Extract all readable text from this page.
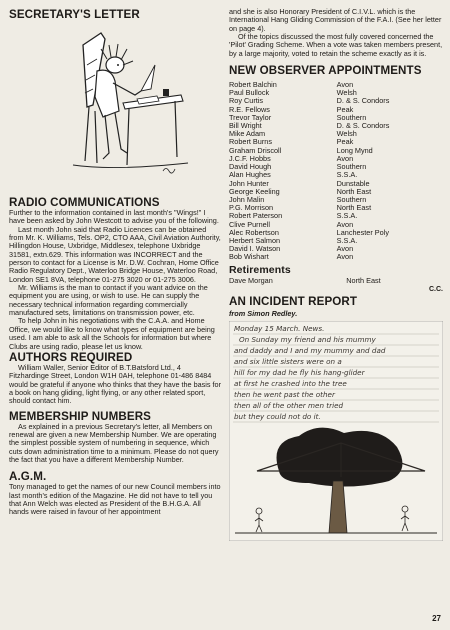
SECRETARY'S LETTER
RADIO COMMUNICATIONS

Further to the information contained in last month's "Wings!" I have been asked by John Westcott to advise you of the following.

Last month John said that Radio Licences can be obtained from Mr. K. Williams, Tels. OP2, CTO AAA, Civil Aviation Authority, Hillingdon House, Uxbridge, Middlesex, telephone Uxbridge 31581, extn.629. This information was INCORRECT and the person to contact for a License is Mr. D.W. Cochran, Home Office Radio Regulatory Dept., Waterloo Bridge House, Waterloo Road, London SE1 8VA, telephone 01-275 3020 or 01-275 3006.

Mr. Williams is the man to contact if you want advice on the equipment you are using, or wish to use. He can supply the necessary technical information regarding commercially manufactured sets, limitations on transmission power, etc.

To help John in his negotiations with the C.A.A. and Home Office, we would like to know what types of equipment are being used. I am able to ask all the Schools for information but where Clubs are using radio, please let us know.

AUTHORS REQUIRED

William Waller, Senior Editor of B.T.Batsford Ltd., 4 Fitzhardinge Street, London W1H 0AH, telephone 01-486 8484 would be grateful if anyone who thinks that they have the basis for a book on hang gliding, light flying, or any other related sport, should contact him.

MEMBERSHIP NUMBERS

As explained in a previous Secretary's letter, all Members on renewal are given a new Membership Number. We are operating the simplest possible system of numbering in sequence, which cuts down administration time to a minimum. Please do not query the fact that you have a different Membership Number.

A.G.M.

Tony managed to get the names of our new Council members into last month's edition of the Magazine. He did not have to tell you that Ann Welch was elected as President of the B.H.G.A. All hands were raised in favour of her appointment

and she is also Honorary President of C.I.V.L. which is the International Hang Gliding Commission of the F.A.I. (See her letter on page 4).

Of the topics discussed the most fully covered concerned the 'Pilot' Grading Scheme. When a vote was taken members present, by a large majority, voted to retain the scheme exactly as it is.

NEW OBSERVER APPOINTMENTS
Robert Balchin	Avon
Paul Bullock	Welsh
Roy Curtis	D. & S. Condors
R.E. Fellows	Peak
Trevor Taylor	Southern
Bill Wright	D. & S. Condors
Mike Adam	Welsh
Robert Burns	Peak
Graham Driscoll	Long Mynd
J.C.F. Hobbs	Avon
David Hough	Southern
Alan Hughes	S.S.A.
John Hunter	Dunstable
George Keeling	North East
John Malin	Southern
P.G. Morrison	North East
Robert Paterson	S.S.A.
Clive Purnell	Avon
Alec Robertson	Lanchester Poly
Herbert Salmon	S.S.A.
David I. Watson	Avon
Bob Wishart	Avon
Retirements
Dave Morgan	North East
C.C.
AN INCIDENT REPORT
from Simon Redley.
Monday 15 March. News.
On Sunday my friend and his mummy
and daddy and I and my mummy and dad
and six little sisters were on a
hill for my dad he fly his hang-glider
at first he crashed into the tree
then he went past the other
then all of the other men tried
but they could not do it.
27
